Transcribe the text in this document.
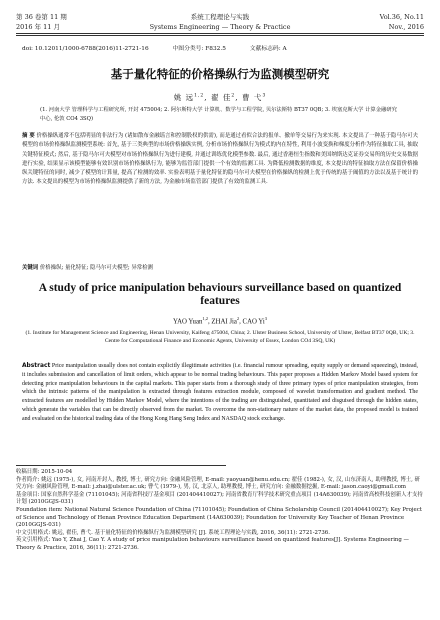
第 36 卷第 11 期	系统工程理论与实践	Vol.36, No.11
2016 年 11 月	Systems Engineering — Theory & Practice	Nov., 2016
doi: 10.12011/1000-6788(2016)11-2721-16	中图分类号: F832.5	文献标志码: A
基于量化特征的价格操纵行为监测模型研究
姚 远$^{1,2}$, 翟 佳$^2$, 曹 弋$^3$
(1. 河南大学 管理科学与工程研究所, 开封 475004; 2. 阿尔斯特大学 计算机、数学与工程学院, 贝尔法斯特 BT37 0QB; 3. 埃塞克斯大学 计算金融研究中心, 伦敦 CO4 3SQ)
摘 要 价格操纵通常不包括明显的非法行为 (诸如散布金融谣言和控制股权的供需), 而是通过看似合法的报单、撤单等交易行为来实现. 本文提出了一种基于隐马尔可夫模型的市场价格操纵监测模型系统: 首先, 基于三类典型的市场价格操纵实例, 分析市场价格操纵行为模式的内在特性, 利用小波变换和梯度分析作为特征抽取工具, 抽取关键特征模式; 然后, 基于隐马尔可夫模型对市场价格操纵行为进行建模, 并通过训练优化模型参数. 最后, 通过香港恒生指数和美国纳斯达克证券交易所的历史交易数据进行实验, 结果显示该模型能够有效识别市场价格操纵行为, 能够为监管部门提供一个有效的监测工具. 为降低检测数据的维度, 本文提出的特征抽取方法在保留价格操纵关键特征的同时, 减少了模型的计算量, 提高了检测的效率. 实验表明基于量化特征的隐马尔可夫模型在价格操纵的检测上优于传统的基于阈值的方法以及基于统计的方法. 本文提出的模型为市场价格操纵监测提供了新的方法, 为金融市场监管部门提供了有效的监测工具.
关键词 价格操纵; 量化特征; 隐马尔可夫模型; 异常检测
A study of price manipulation behaviours surveillance based on quantized features
YAO Yuan$^{1,2}$, ZHAI Jia$^2$, CAO Yi$^3$
(1. Institute for Management Science and Engineering, Henan University, Kaifeng 475004, China; 2. Ulster Business School, University of Ulster, Belfast BT37 0QB, UK; 3. Centre for Computational Finance and Economic Agents, University of Essex, London CO4 3SQ, UK)
Abstract Price manipulation usually does not contain explicitly illegitimate activities (i.e. financial rumour spreading, equity supply or demand squeezing), instead, it includes submission and cancellation of limit orders, which appear to be normal trading behaviours. This paper proposes a Hidden Markov Model based system for detecting price manipulation behaviours in the capital markets. This paper starts from a thorough study of three primary types of price manipulation strategies, from which the intrinsic patterns of the manipulation is extracted through features extraction module, composed of wavelet transformation and gradient method. The extracted features are modelled by Hidden Markov Model, where the intentions of the trading are distinguished, quantitated and disguised through the hidden states, which generate the variables that can be directly observed from the market. To overcome the non-stationary nature of the market data, the proposed model is trained and evaluated on the historical trading data of the Hong Kong Hang Seng Index and NASDAQ stock exchange.

收稿日期: 2015-10-04

作者简介: 姚远 (1975-), 女, 河南开封人, 教授, 博士, 研究方向: 金融风险管理, E-mail: yaoyuan@henu.edu.cn; 翟佳 (1982-), 女, 汉, 山东济南人, 助理教授, 博士, 研究方向: 金融风险管理, E-mail: j.zhai@ulster.ac.uk; 曹弋 (1979-), 男, 汉, 北京人, 助理教授, 博士, 研究方向: 金融数据挖掘, E-mail: jason.caoyi@gmail.com

基金项目: 国家自然科学基金 (71101045); 河南省科技厅基金项目 (201404410027); 河南省教育厅科学技术研究重点项目 (14A630039); 河南省高校科技创新人才支持计划 (2010GGJS-031)

Foundation item: National Natural Science Foundation of China (71101045); Foundation of China Scholarship Council (201404410027); Key Project of Science and Technology of Henan Province Education Department (14A630039); Foundation for University Key Teacher of Henan Province (2010GGJS-031)

中文引用格式: 姚远, 翟佳, 曹弋. 基于量化特征的价格操纵行为监测模型研究 [J]. 系统工程理论与实践, 2016, 36(11): 2721-2736.

英文引用格式: Yao Y, Zhai J, Cao Y. A study of price manipulation behaviours surveillance based on quantized features[J]. Systems Engineering — Theory & Practice, 2016, 36(11): 2721-2736.
